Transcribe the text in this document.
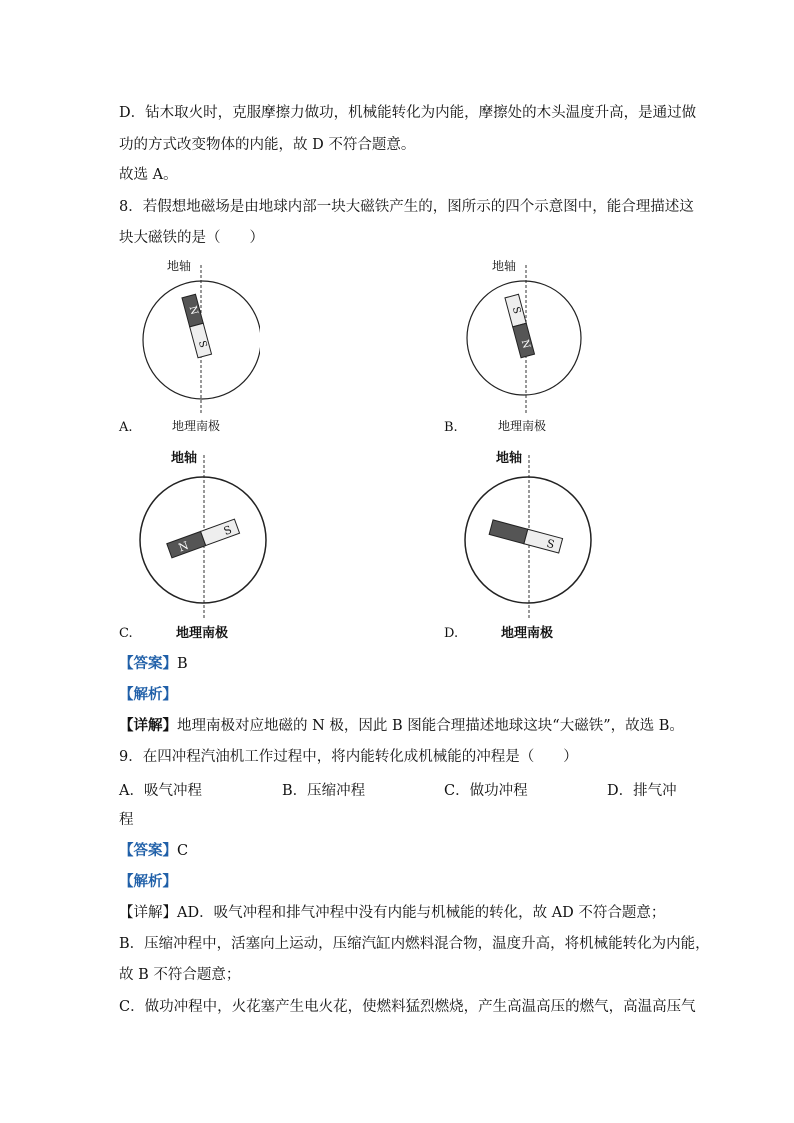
D．钻木取火时，克服摩擦力做功，机械能转化为内能，摩擦处的木头温度升高，是通过做
功的方式改变物体的内能，故 D 不符合题意。
故选 A。
8．若假想地磁场是由地球内部一块大磁铁产生的，图所示的四个示意图中，能合理描述这
块大磁铁的是（　　）
地轴
N
S
地理南极
A.
地轴
S
N
地理南极
B.
地轴
N
S
地理南极
C.
地轴
S
地理南极
D.
【答案】B
【解析】
【详解】地理南极对应地磁的 N 极，因此 B 图能合理描述地球这块“大磁铁”，故选 B。
9．在四冲程汽油机工作过程中，将内能转化成机械能的冲程是（　　）
A．吸气冲程	B．压缩冲程	C．做功冲程	D．排气冲
程
【答案】C
【解析】
【详解】AD．吸气冲程和排气冲程中没有内能与机械能的转化，故 AD 不符合题意；
B．压缩冲程中，活塞向上运动，压缩汽缸内燃料混合物，温度升高，将机械能转化为内能，
故 B 不符合题意；
C．做功冲程中，火花塞产生电火花，使燃料猛烈燃烧，产生高温高压的燃气，高温高压气
